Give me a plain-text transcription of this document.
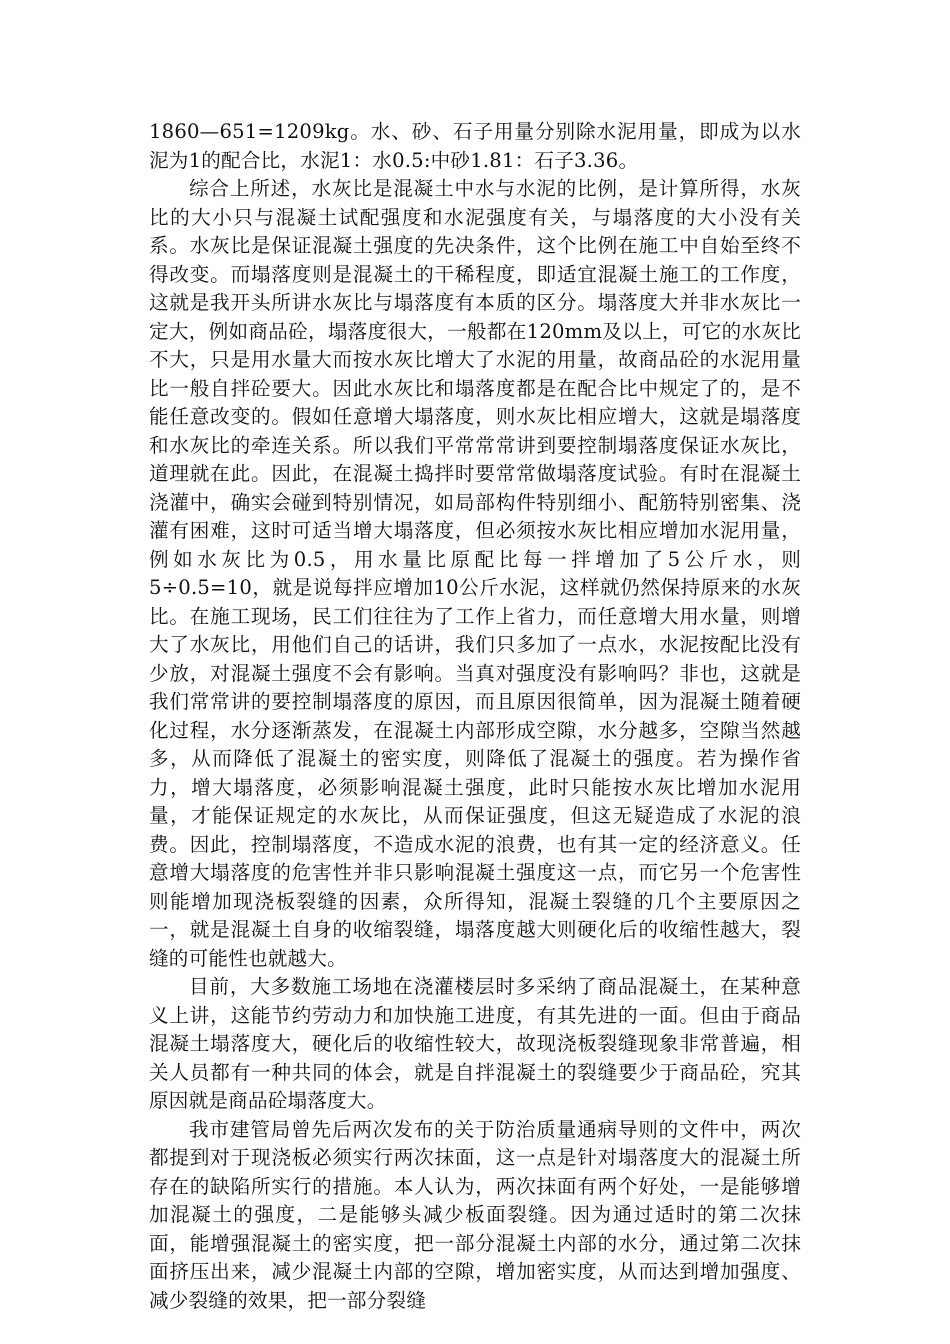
1860—651=1209kg。水、砂、石子用量分别除水泥用量，即成为以水泥为1的配合比，水泥1：水0.5:中砂1.81：石子3.36。

综合上所述，水灰比是混凝土中水与水泥的比例，是计算所得，水灰比的大小只与混凝土试配强度和水泥强度有关，与塌落度的大小没有关系。水灰比是保证混凝土强度的先决条件，这个比例在施工中自始至终不得改变。而塌落度则是混凝土的干稀程度，即适宜混凝土施工的工作度，这就是我开头所讲水灰比与塌落度有本质的区分。塌落度大并非水灰比一定大，例如商品砼，塌落度很大，一般都在120mm及以上，可它的水灰比不大，只是用水量大而按水灰比增大了水泥的用量，故商品砼的水泥用量比一般自拌砼要大。因此水灰比和塌落度都是在配合比中规定了的，是不能任意改变的。假如任意增大塌落度，则水灰比相应增大，这就是塌落度和水灰比的牵连关系。所以我们平常常常讲到要控制塌落度保证水灰比，道理就在此。因此，在混凝土捣拌时要常常做塌落度试验。有时在混凝土浇灌中，确实会碰到特别情况，如局部构件特别细小、配筋特别密集、浇灌有困难，这时可适当增大塌落度，但必须按水灰比相应增加水泥用量，例如水灰比为0.5，用水量比原配比每一拌增加了5公斤水，则5÷0.5=10，就是说每拌应增加10公斤水泥，这样就仍然保持原来的水灰比。在施工现场，民工们往往为了工作上省力，而任意增大用水量，则增大了水灰比，用他们自己的话讲，我们只多加了一点水，水泥按配比没有少放，对混凝土强度不会有影响。当真对强度没有影响吗？非也，这就是我们常常讲的要控制塌落度的原因，而且原因很简单，因为混凝土随着硬化过程，水分逐渐蒸发，在混凝土内部形成空隙，水分越多，空隙当然越多，从而降低了混凝土的密实度，则降低了混凝土的强度。若为操作省力，增大塌落度，必须影响混凝土强度，此时只能按水灰比增加水泥用量，才能保证规定的水灰比，从而保证强度，但这无疑造成了水泥的浪费。因此，控制塌落度，不造成水泥的浪费，也有其一定的经济意义。任意增大塌落度的危害性并非只影响混凝土强度这一点，而它另一个危害性则能增加现浇板裂缝的因素，众所得知，混凝土裂缝的几个主要原因之一，就是混凝土自身的收缩裂缝，塌落度越大则硬化后的收缩性越大，裂缝的可能性也就越大。

目前，大多数施工场地在浇灌楼层时多采纳了商品混凝土，在某种意义上讲，这能节约劳动力和加快施工进度，有其先进的一面。但由于商品混凝土塌落度大，硬化后的收缩性较大，故现浇板裂缝现象非常普遍，相关人员都有一种共同的体会，就是自拌混凝土的裂缝要少于商品砼，究其原因就是商品砼塌落度大。

我市建管局曾先后两次发布的关于防治质量通病导则的文件中，两次都提到对于现浇板必须实行两次抹面，这一点是针对塌落度大的混凝土所存在的缺陷所实行的措施。本人认为，两次抹面有两个好处，一是能够增加混凝土的强度，二是能够头减少板面裂缝。因为通过适时的第二次抹面，能增强混凝土的密实度，把一部分混凝土内部的水分，通过第二次抹面挤压出来，减少混凝土内部的空隙，增加密实度，从而达到增加强度、减少裂缝的效果，把一部分裂缝
